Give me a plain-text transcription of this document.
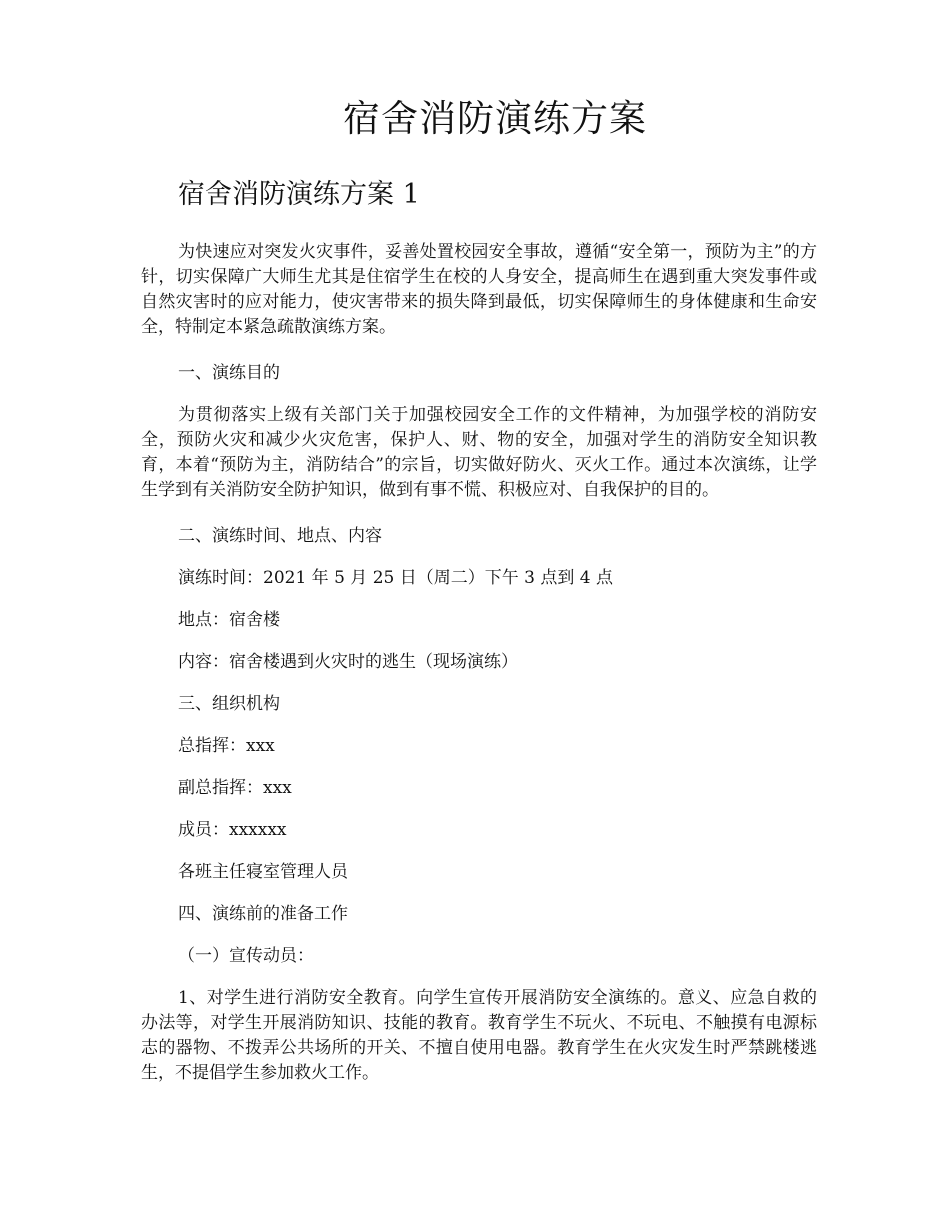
宿舍消防演练方案
宿舍消防演练方案 1

为快速应对突发火灾事件，妥善处置校园安全事故，遵循“安全第一，预防为主”的方针，切实保障广大师生尤其是住宿学生在校的人身安全，提高师生在遇到重大突发事件或自然灾害时的应对能力，使灾害带来的损失降到最低，切实保障师生的身体健康和生命安全，特制定本紧急疏散演练方案。

一、演练目的

为贯彻落实上级有关部门关于加强校园安全工作的文件精神，为加强学校的消防安全，预防火灾和减少火灾危害，保护人、财、物的安全，加强对学生的消防安全知识教育，本着“预防为主，消防结合”的宗旨，切实做好防火、灭火工作。通过本次演练，让学生学到有关消防安全防护知识，做到有事不慌、积极应对、自我保护的目的。

二、演练时间、地点、内容

演练时间：2021 年 5 月 25 日（周二）下午 3 点到 4 点

地点：宿舍楼

内容：宿舍楼遇到火灾时的逃生（现场演练）

三、组织机构

总指挥：xxx

副总指挥：xxx

成员：xxxxxx

各班主任寝室管理人员

四、演练前的准备工作

（一）宣传动员：

1、对学生进行消防安全教育。向学生宣传开展消防安全演练的。意义、应急自救的办法等，对学生开展消防知识、技能的教育。教育学生不玩火、不玩电、不触摸有电源标志的器物、不拨弄公共场所的开关、不擅自使用电器。教育学生在火灾发生时严禁跳楼逃生，不提倡学生参加救火工作。
